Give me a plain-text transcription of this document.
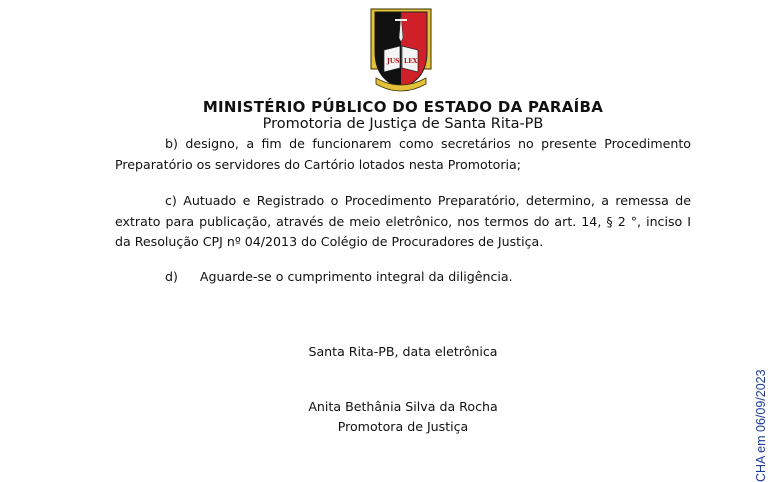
JUS LEX
MINISTÉRIO PÚBLICO DO ESTADO DA PARAÍBA
Promotoria de Justiça de Santa Rita-PB
b) designo, a fim de funcionarem como secretários no presente Procedimento Preparatório os servidores do Cartório lotados nesta Promotoria;
c) Autuado e Registrado o Procedimento Preparatório, determino, a remessa de extrato para publicação, através de meio eletrônico, nos termos do art. 14, § 2 °, inciso I da Resolução CPJ nº 04/2013 do Colégio de Procuradores de Justiça.
d) Aguarde-se o cumprimento integral da diligência.
Santa Rita-PB, data eletrônica
Anita Bethânia Silva da Rocha
Promotora de Justiça	CHA em 06/09/2023
